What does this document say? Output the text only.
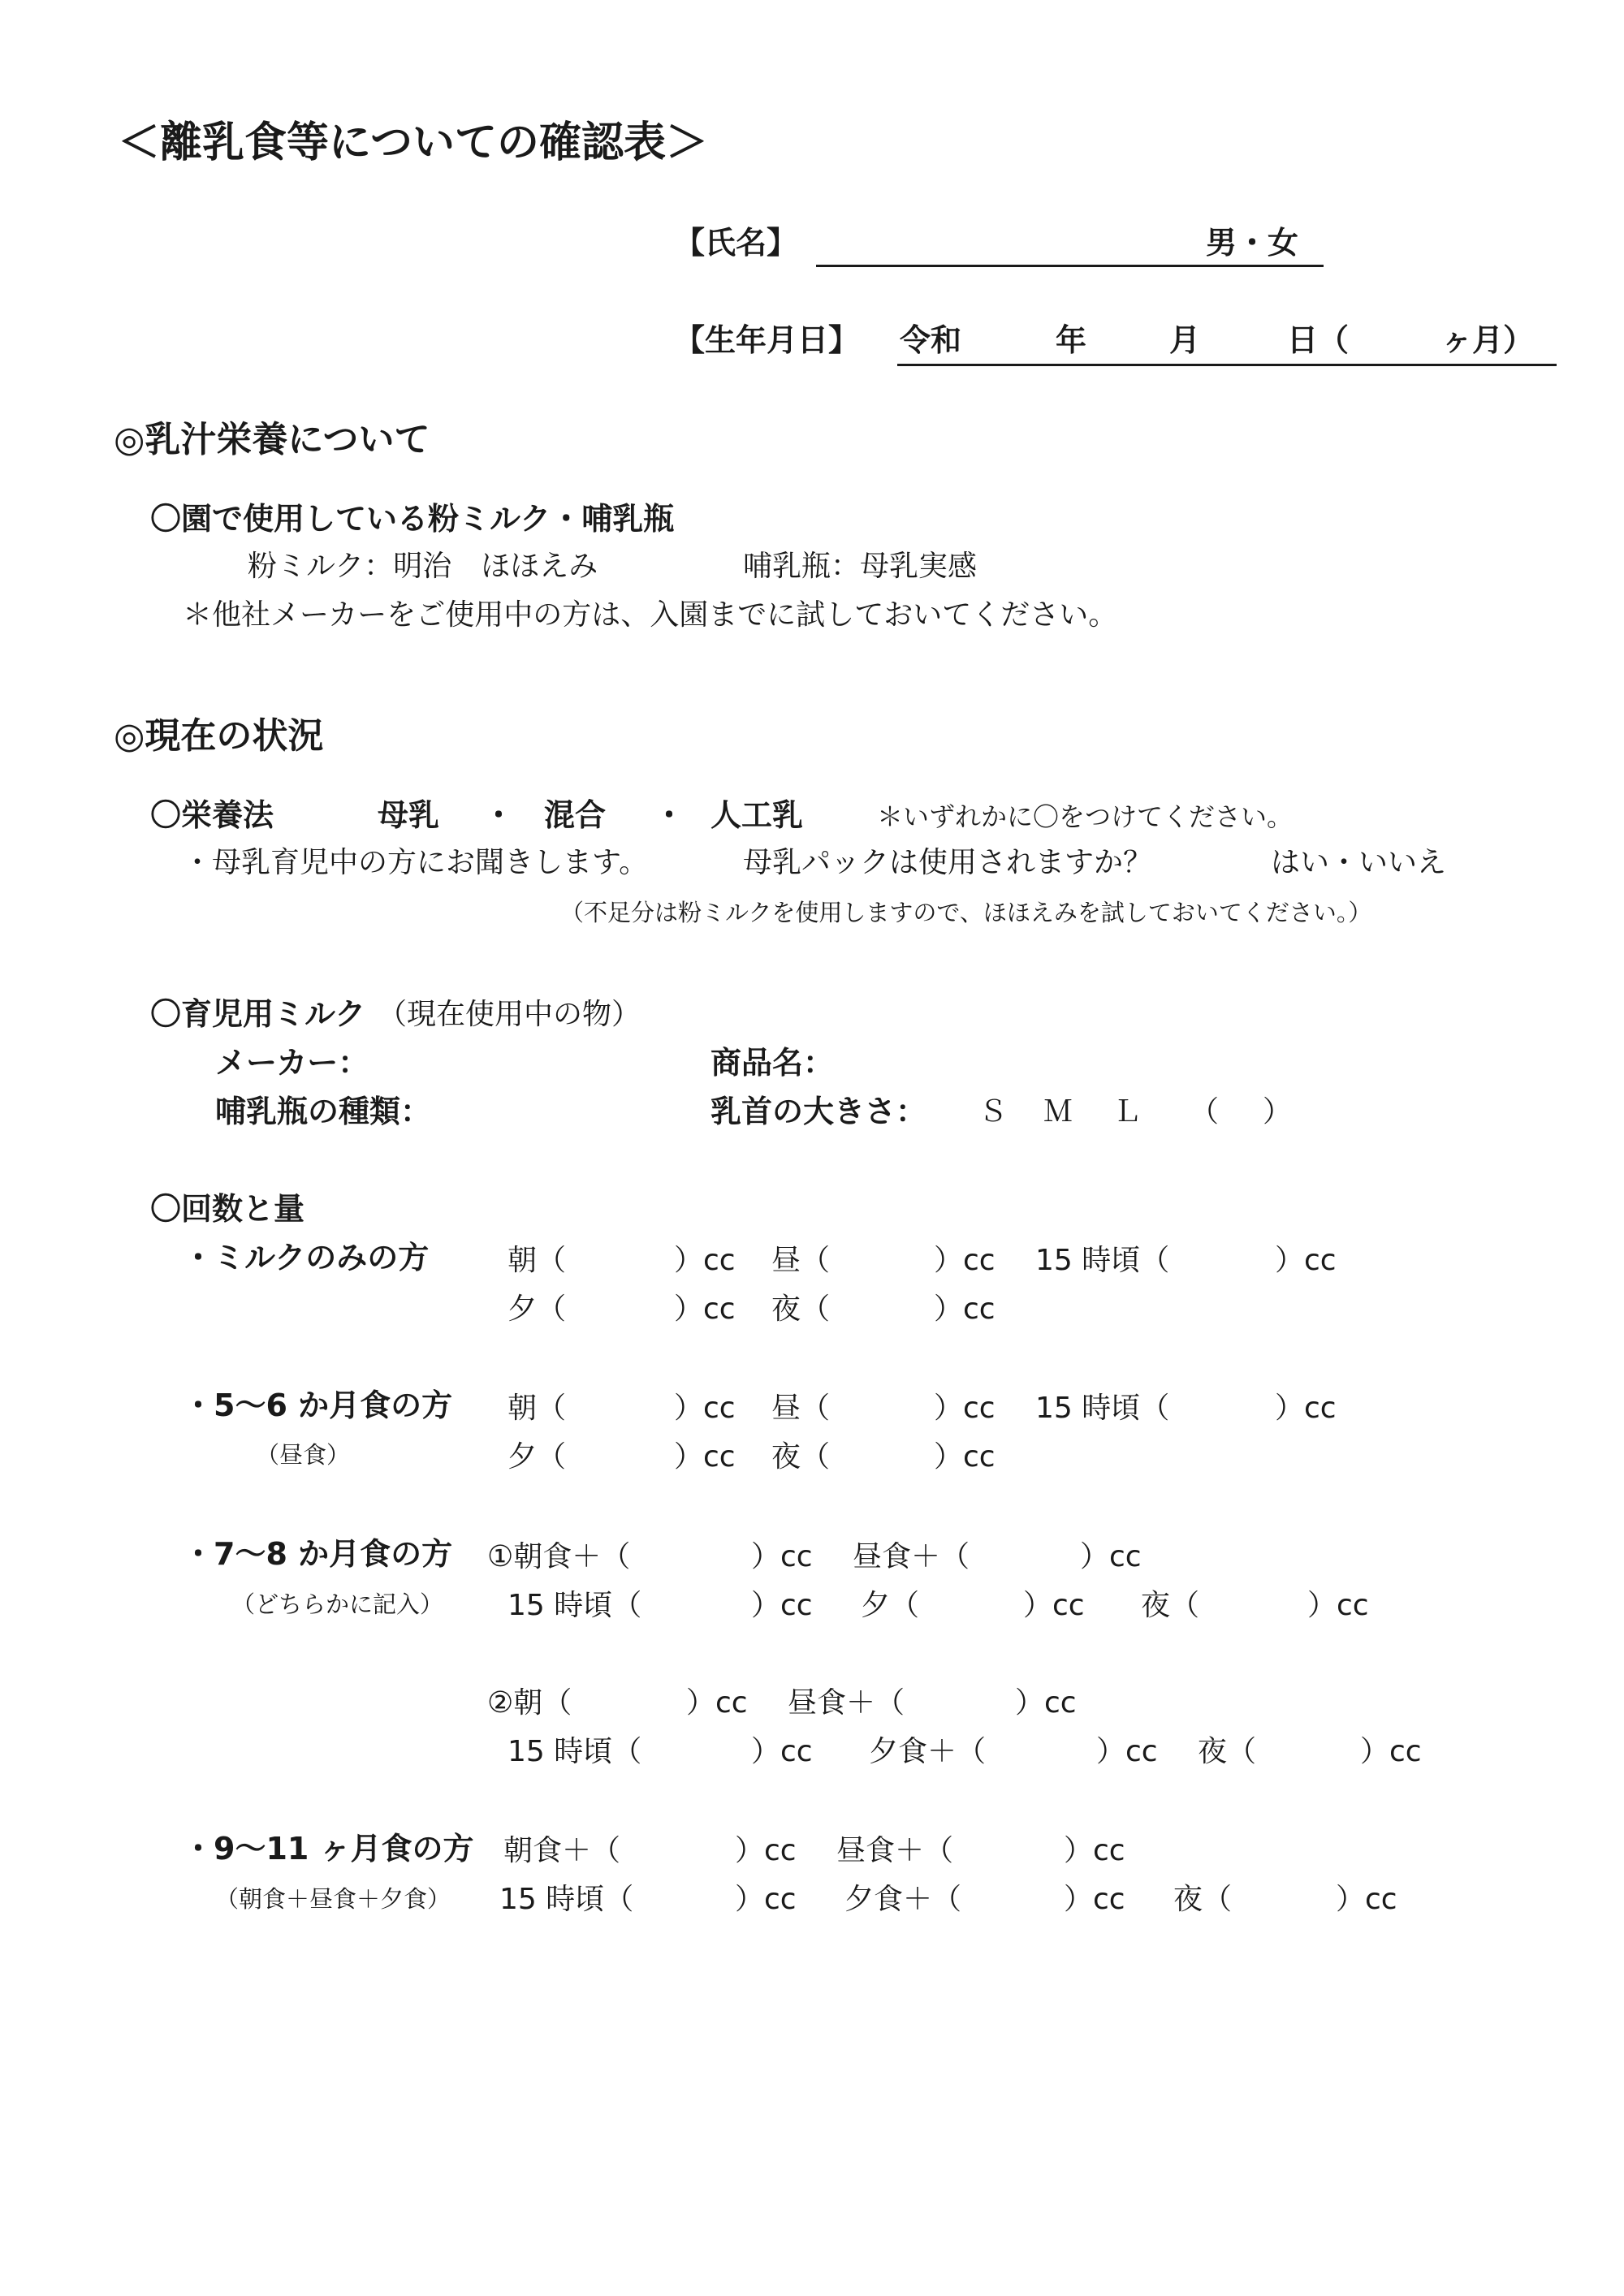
＜離乳食等についての確認表＞
【氏名】	男・女
【生年月日】 令和	年	月	日（	ヶ月）
◎乳汁栄養について
〇園で使用している粉ミルク・哺乳瓶
粉ミルク：明治　ほほえみ	哺乳瓶：母乳実感
＊他社メーカーをご使用中の方は、入園までに試しておいてください。
◎現在の状況
〇栄養法	母乳 ・ 混合 ・ 人工乳	＊いずれかに〇をつけてください。
・母乳育児中の方にお聞きします。	母乳パックは使用されますか？	はい・いいえ
（不足分は粉ミルクを使用しますので、ほほえみを試しておいてください。）
〇育児用ミルク （現在使用中の物）
メーカー：	商品名：
哺乳瓶の種類：	乳首の大きさ： Ｓ Ｍ Ｌ （ ）
〇回数と量
・ミルクのみの方	朝（	）cc 昼（	）cc 15 時頃（	）cc
夕（	）cc 夜（	）cc
・5～6 か月食の方
（昼食）
朝（	）cc 昼（	）cc 15 時頃（	）cc
夕（	）cc 夜（	）cc
・7～8 か月食の方
（どちらかに記入）
①朝食＋（	）cc 昼食＋（	）cc
15 時頃（	）cc 夕（	）cc 夜（	）cc
②朝（	）cc 昼食＋（	）cc
15 時頃（	）cc 夕食＋（	）cc 夜（	）cc
・9～11 ヶ月食の方
（朝食＋昼食＋夕食）
朝食＋（	）cc 昼食＋（	）cc
15 時頃（	）cc 夕食＋（	）cc 夜（	）cc
